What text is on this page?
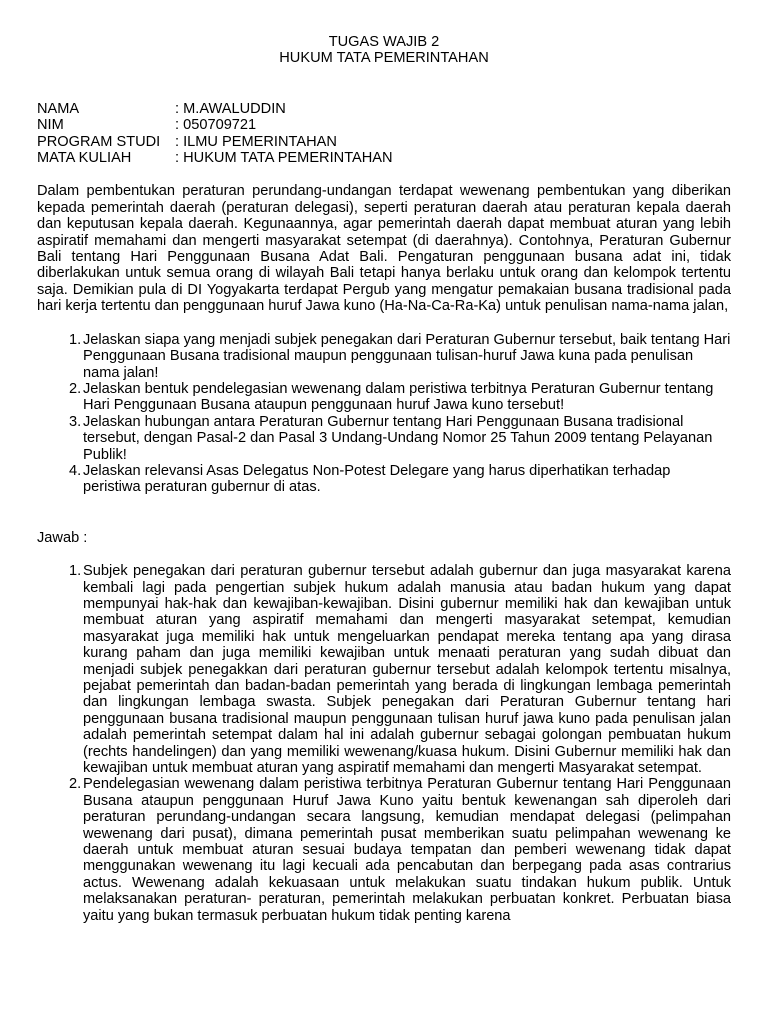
TUGAS WAJIB 2
HUKUM TATA PEMERINTAHAN
NAMA	: M.AWALUDDIN
NIM	: 050709721
PROGRAM STUDI	: ILMU PEMERINTAHAN
MATA KULIAH	: HUKUM TATA PEMERINTAHAN

Dalam pembentukan peraturan perundang-undangan terdapat wewenang pembentukan yang diberikan kepada pemerintah daerah (peraturan delegasi), seperti peraturan daerah atau peraturan kepala daerah dan keputusan kepala daerah. Kegunaannya, agar pemerintah daerah dapat membuat aturan yang lebih aspiratif memahami dan mengerti masyarakat setempat (di daerahnya). Contohnya, Peraturan Gubernur Bali tentang Hari Penggunaan Busana Adat Bali. Pengaturan penggunaan busana adat ini, tidak diberlakukan untuk semua orang di wilayah Bali tetapi hanya berlaku untuk orang dan kelompok tertentu saja. Demikian pula di DI Yogyakarta terdapat Pergub yang mengatur pemakaian busana tradisional pada hari kerja tertentu dan penggunaan huruf Jawa kuno (Ha-Na-Ca-Ra-Ka) untuk penulisan nama-nama jalan,

1. Jelaskan siapa yang menjadi subjek penegakan dari Peraturan Gubernur tersebut, baik tentang Hari Penggunaan Busana tradisional maupun penggunaan tulisan-huruf Jawa kuna pada penulisan nama jalan!
2. Jelaskan bentuk pendelegasian wewenang dalam peristiwa terbitnya Peraturan Gubernur tentang Hari Penggunaan Busana ataupun penggunaan huruf Jawa kuno tersebut!
3. Jelaskan hubungan antara Peraturan Gubernur tentang Hari Penggunaan Busana tradisional tersebut, dengan Pasal-2 dan Pasal 3 Undang-Undang Nomor 25 Tahun 2009 tentang Pelayanan Publik!
4. Jelaskan relevansi Asas Delegatus Non-Potest Delegare yang harus diperhatikan terhadap peristiwa peraturan gubernur di atas.
Jawab :
1. Subjek penegakan dari peraturan gubernur tersebut adalah gubernur dan juga masyarakat karena kembali lagi pada pengertian subjek hukum adalah manusia atau badan hukum yang dapat mempunyai hak-hak dan kewajiban-kewajiban. Disini gubernur memiliki hak dan kewajiban untuk membuat aturan yang aspiratif memahami dan mengerti masyarakat setempat, kemudian masyarakat juga memiliki hak untuk mengeluarkan pendapat mereka tentang apa yang dirasa kurang paham dan juga memiliki kewajiban untuk menaati peraturan yang sudah dibuat dan menjadi subjek penegakkan dari peraturan gubernur tersebut adalah kelompok tertentu misalnya, pejabat pemerintah dan badan-badan pemerintah yang berada di lingkungan lembaga pemerintah dan lingkungan lembaga swasta. Subjek penegakan dari Peraturan Gubernur tentang hari penggunaan busana tradisional maupun penggunaan tulisan huruf jawa kuno pada penulisan jalan adalah pemerintah setempat dalam hal ini adalah gubernur sebagai golongan pembuatan hukum (rechts handelingen) dan yang memiliki wewenang/kuasa hukum. Disini Gubernur memiliki hak dan kewajiban untuk membuat aturan yang aspiratif memahami dan mengerti Masyarakat setempat.
2. Pendelegasian wewenang dalam peristiwa terbitnya Peraturan Gubernur tentang Hari Penggunaan Busana ataupun penggunaan Huruf Jawa Kuno yaitu bentuk kewenangan sah diperoleh dari peraturan perundang-undangan secara langsung, kemudian mendapat delegasi (pelimpahan wewenang dari pusat), dimana pemerintah pusat memberikan suatu pelimpahan wewenang ke daerah untuk membuat aturan sesuai budaya tempatan dan pemberi wewenang tidak dapat menggunakan wewenang itu lagi kecuali ada pencabutan dan berpegang pada asas contrarius actus. Wewenang adalah kekuasaan untuk melakukan suatu tindakan hukum publik. Untuk melaksanakan peraturan- peraturan, pemerintah melakukan perbuatan konkret. Perbuatan biasa yaitu yang bukan termasuk perbuatan hukum tidak penting karena
